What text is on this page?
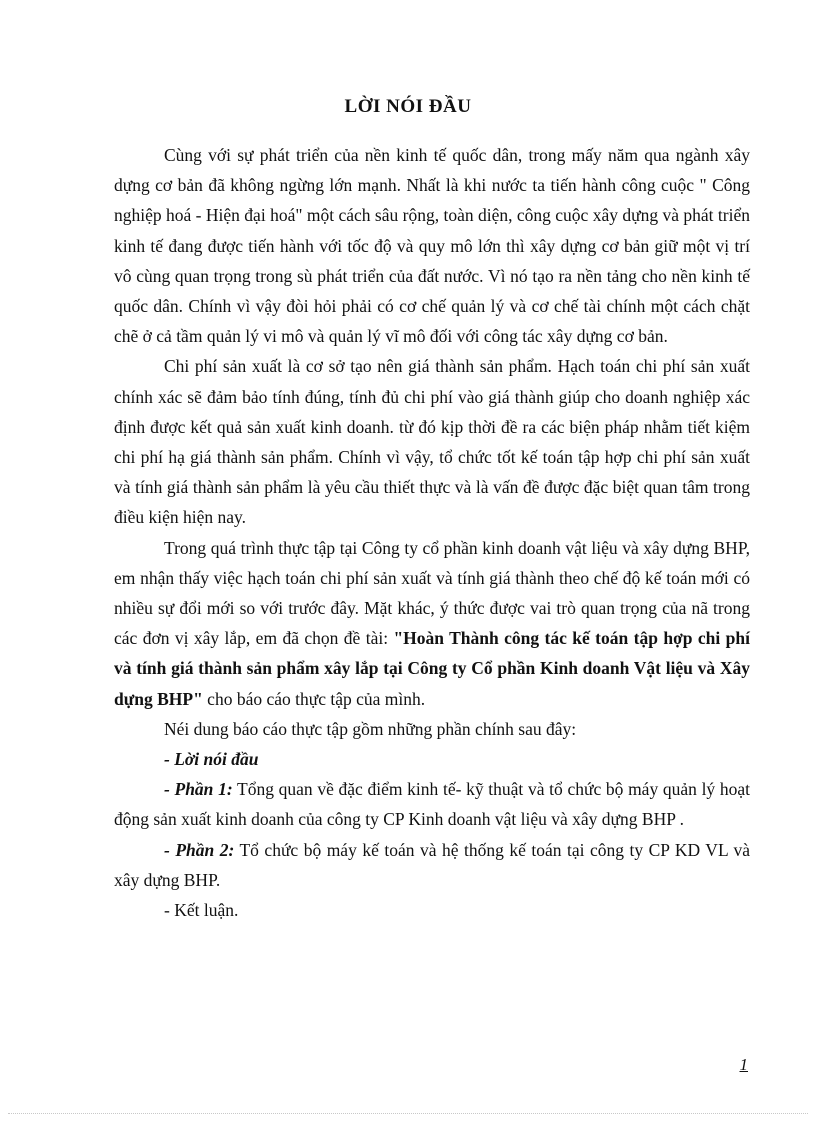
LỜI NÓI ĐẦU

Cùng với sự phát triển của nền kinh tế quốc dân, trong mấy năm qua ngành xây dựng cơ bản đã không ngừng lớn mạnh. Nhất là khi nước ta tiến hành công cuộc " Công nghiệp hoá - Hiện đại hoá" một cách sâu rộng, toàn diện, công cuộc xây dựng và phát triển kinh tế đang được tiến hành với tốc độ và quy mô lớn thì xây dựng cơ bản giữ một vị trí vô cùng quan trọng trong sù phát triển của đất nước. Vì nó tạo ra nền tảng cho nền kinh tế quốc dân. Chính vì vậy đòi hỏi phải có cơ chế quản lý và cơ chế tài chính một cách chặt chẽ ở cả tầm quản lý vi mô và quản lý vĩ mô đối với công tác xây dựng cơ bản.

Chi phí sản xuất là cơ sở tạo nên giá thành sản phẩm. Hạch toán chi phí sản xuất chính xác sẽ đảm bảo tính đúng, tính đủ chi phí vào giá thành giúp cho doanh nghiệp xác định được kết quả sản xuất kinh doanh. từ đó kịp thời đề ra các biện pháp nhằm tiết kiệm chi phí hạ giá thành sản phẩm. Chính vì vậy, tổ chức tốt kế toán tập hợp chi phí sản xuất và tính giá thành sản phẩm là yêu cầu thiết thực và là vấn đề được đặc biệt quan tâm trong điều kiện hiện nay.

Trong quá trình thực tập tại Công ty cổ phần kinh doanh vật liệu và xây dựng BHP, em nhận thấy việc hạch toán chi phí sản xuất và tính giá thành theo chế độ kế toán mới có nhiều sự đổi mới so với trước đây. Mặt khác, ý thức được vai trò quan trọng của nã trong các đơn vị xây lắp, em đã chọn đề tài: "Hoàn Thành công tác kế toán tập hợp chi phí và tính giá thành sản phẩm xây lắp tại Công ty Cổ phần Kinh doanh Vật liệu và Xây dựng BHP" cho báo cáo thực tập của mình.

Néi dung báo cáo thực tập gồm những phần chính sau đây:

- Lời nói đầu

- Phần 1: Tổng quan về đặc điểm kinh tế- kỹ thuật và tổ chức bộ máy quản lý hoạt động sản xuất kinh doanh của công ty CP Kinh doanh vật liệu và xây dựng BHP .

- Phần 2: Tổ chức bộ máy kế toán và hệ thống kế toán tại công ty CP KD VL và xây dựng BHP.

- Kết luận.

1
